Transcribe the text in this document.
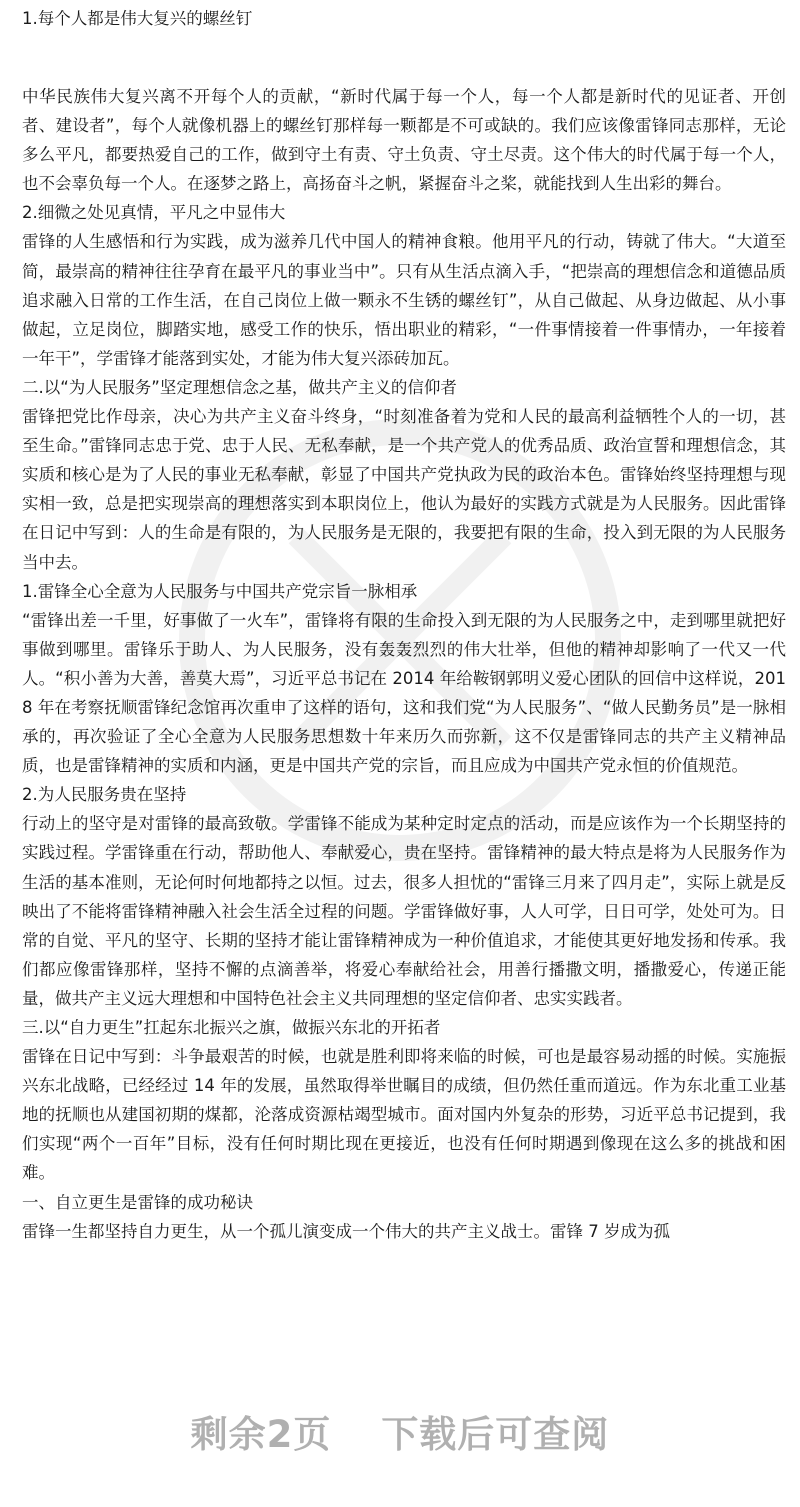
1.每个人都是伟大复兴的螺丝钉

中华民族伟大复兴离不开每个人的贡献，“新时代属于每一个人，每一个人都是新时代的见证者、开创者、建设者”，每个人就像机器上的螺丝钉那样每一颗都是不可或缺的。我们应该像雷锋同志那样，无论多么平凡，都要热爱自己的工作，做到守土有责、守土负责、守土尽责。这个伟大的时代属于每一个人，也不会辜负每一个人。在逐梦之路上，高扬奋斗之帆，紧握奋斗之桨，就能找到人生出彩的舞台。

2.细微之处见真情，平凡之中显伟大

雷锋的人生感悟和行为实践，成为滋养几代中国人的精神食粮。他用平凡的行动，铸就了伟大。“大道至简，最崇高的精神往往孕育在最平凡的事业当中”。只有从生活点滴入手，“把崇高的理想信念和道德品质追求融入日常的工作生活，在自己岗位上做一颗永不生锈的螺丝钉”，从自己做起、从身边做起、从小事做起，立足岗位，脚踏实地，感受工作的快乐，悟出职业的精彩，“一件事情接着一件事情办，一年接着一年干”，学雷锋才能落到实处，才能为伟大复兴添砖加瓦。

二.以“为人民服务”坚定理想信念之基，做共产主义的信仰者

雷锋把党比作母亲，决心为共产主义奋斗终身，“时刻准备着为党和人民的最高利益牺牲个人的一切，甚至生命。”雷锋同志忠于党、忠于人民、无私奉献，是一个共产党人的优秀品质、政治宣誓和理想信念，其实质和核心是为了人民的事业无私奉献，彰显了中国共产党执政为民的政治本色。雷锋始终坚持理想与现实相一致，总是把实现崇高的理想落实到本职岗位上，他认为最好的实践方式就是为人民服务。因此雷锋在日记中写到：人的生命是有限的，为人民服务是无限的，我要把有限的生命，投入到无限的为人民服务当中去。

1.雷锋全心全意为人民服务与中国共产党宗旨一脉相承

“雷锋出差一千里，好事做了一火车”，雷锋将有限的生命投入到无限的为人民服务之中，走到哪里就把好事做到哪里。雷锋乐于助人、为人民服务，没有轰轰烈烈的伟大壮举，但他的精神却影响了一代又一代人。“积小善为大善，善莫大焉”，习近平总书记在 2014 年给鞍钢郭明义爱心团队的回信中这样说，2018 年在考察抚顺雷锋纪念馆再次重申了这样的语句，这和我们党“为人民服务”、“做人民勤务员”是一脉相承的，再次验证了全心全意为人民服务思想数十年来历久而弥新，这不仅是雷锋同志的共产主义精神品质，也是雷锋精神的实质和内涵，更是中国共产党的宗旨，而且应成为中国共产党永恒的价值规范。

2.为人民服务贵在坚持

行动上的坚守是对雷锋的最高致敬。学雷锋不能成为某种定时定点的活动，而是应该作为一个长期坚持的实践过程。学雷锋重在行动，帮助他人、奉献爱心，贵在坚持。雷锋精神的最大特点是将为人民服务作为生活的基本准则，无论何时何地都持之以恒。过去，很多人担忧的“雷锋三月来了四月走”，实际上就是反映出了不能将雷锋精神融入社会生活全过程的问题。学雷锋做好事，人人可学，日日可学，处处可为。日常的自觉、平凡的坚守、长期的坚持才能让雷锋精神成为一种价值追求，才能使其更好地发扬和传承。我们都应像雷锋那样，坚持不懈的点滴善举，将爱心奉献给社会，用善行播撒文明，播撒爱心，传递正能量，做共产主义远大理想和中国特色社会主义共同理想的坚定信仰者、忠实实践者。

三.以“自力更生”扛起东北振兴之旗，做振兴东北的开拓者

雷锋在日记中写到：斗争最艰苦的时候，也就是胜利即将来临的时候，可也是最容易动摇的时候。实施振兴东北战略，已经经过 14 年的发展，虽然取得举世瞩目的成绩，但仍然任重而道远。作为东北重工业基地的抚顺也从建国初期的煤都，沦落成资源枯竭型城市。面对国内外复杂的形势，习近平总书记提到，我们实现“两个一百年”目标，没有任何时期比现在更接近，也没有任何时期遇到像现在这么多的挑战和困难。

一、自立更生是雷锋的成功秘诀

雷锋一生都坚持自力更生，从一个孤儿演变成一个伟大的共产主义战士。雷锋 7 岁成为孤

剩余2页 下载后可查阅
